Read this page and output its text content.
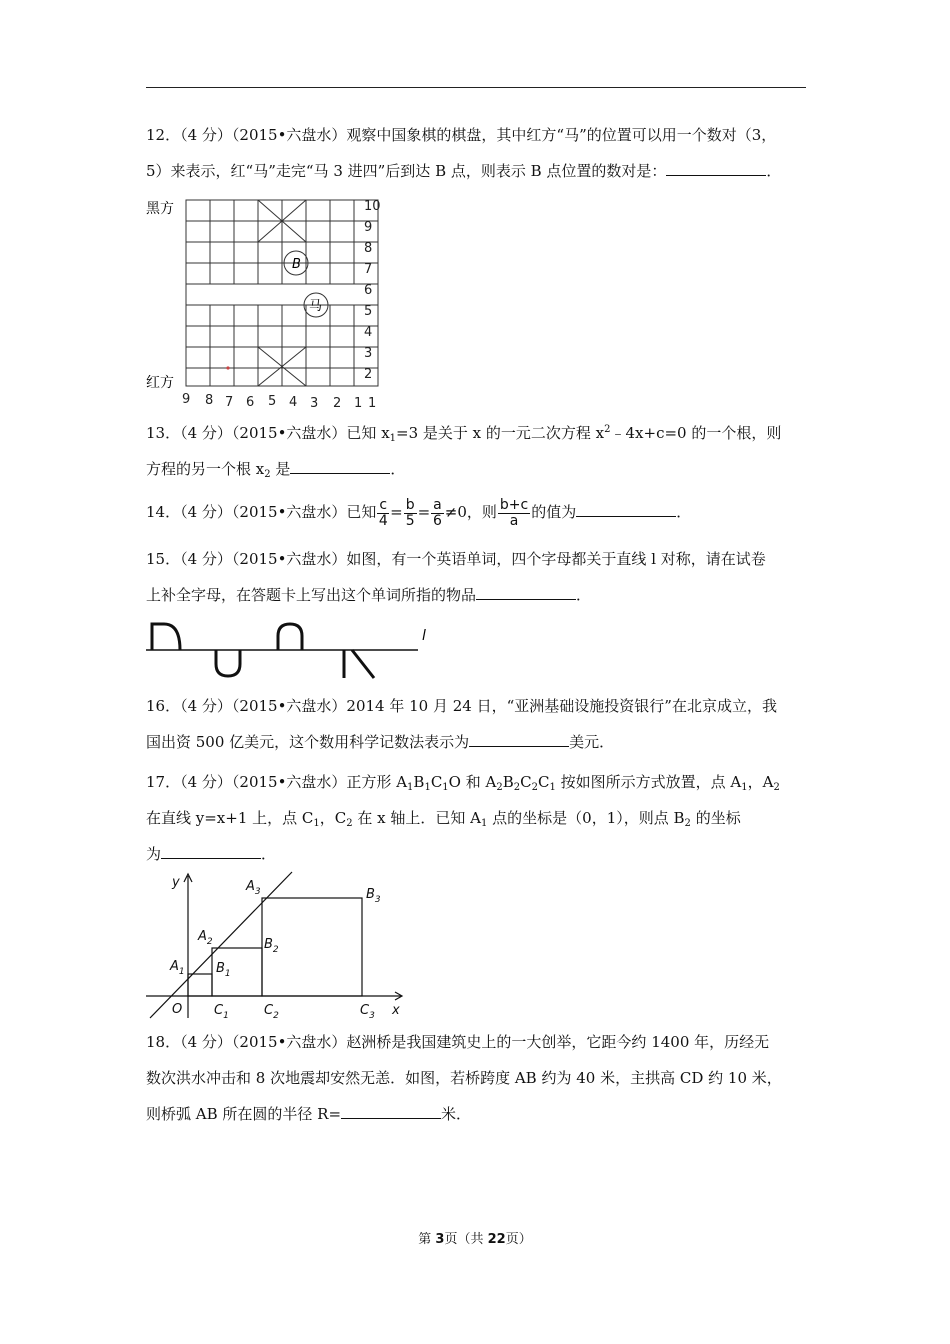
12．（4 分）（2015•六盘水）观察中国象棋的棋盘，其中红方“马”的位置可以用一个数对（3，

5）来表示，红“马”走完“马 3 进四”后到达 B 点，则表示 B 点位置的数对是：	．

黑方
红方
B
马
10
9
8
7
6
5
4
3
2
1
9 8 7 6 5 4 3 2 1

13．（4 分）（2015•六盘水）已知 $x_1=3$ 是关于 x 的一元二次方程 $x^2﹣4x+c=0$ 的一个根，则

方程的另一个根 $x_2$ 是	．

14．（4 分）（2015•六盘水）已知 $\frac{c}{4} = \frac{b}{5} = \frac{a}{6} \ne 0$，则 $\frac{b+c}{a}$ 的值为	．

15．（4 分）（2015•六盘水）如图，有一个英语单词，四个字母都关于直线 l 对称，请在试卷

上补全字母，在答题卡上写出这个单词所指的物品	．

l

16．（4 分）（2015•六盘水）2014 年 10 月 24 日，“亚洲基础设施投资银行”在北京成立，我

国出资 500 亿美元，这个数用科学记数法表示为	美元．

17．（4 分）（2015•六盘水）正方形 $A_1B_1C_1O$ 和 $A_2B_2C_2C_1$ 按如图所示方式放置，点 $A_1$，$A_2$

在直线 y=x+1 上，点 $C_1$，$C_2$ 在 x 轴上．已知 $A_1$ 点的坐标是（0，1），则点 $B_2$ 的坐标

为	．

y
x
O
$A_1$
$A_2$
$A_3$
$B_1$
$B_2$
$B_3$
$C_1$	$C_2$	$C_3$

18．（4 分）（2015•六盘水）赵洲桥是我国建筑史上的一大创举，它距今约 1400 年，历经无

数次洪水冲击和 8 次地震却安然无恙．如图，若桥跨度 AB 约为 40 米，主拱高 CD 约 10 米，

则桥弧 AB 所在圆的半径 R=	米．

第 3页（共 22页）
